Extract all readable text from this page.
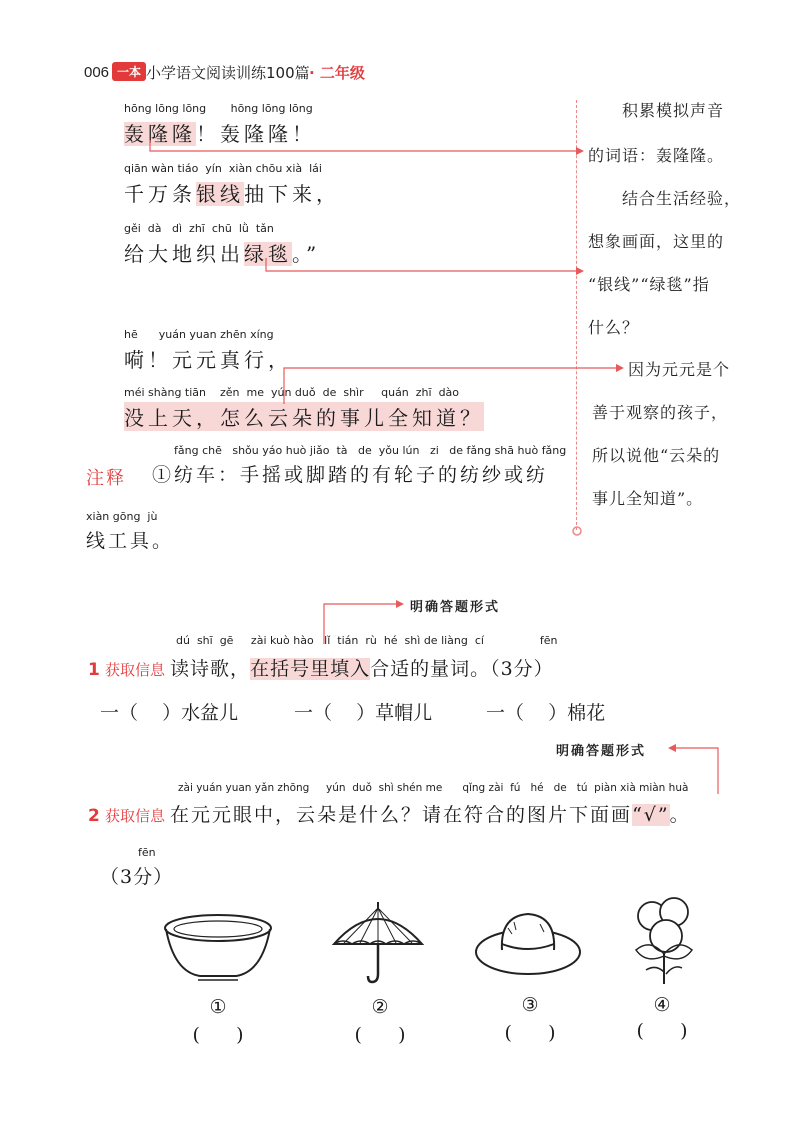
006 一本 小学语文阅读训练100篇 · 二年级
hōng lōng lōng       hōng lōng lōng
轰隆隆！轰隆隆！
qiān wàn tiáo  yín  xiàn chōu xià  lái
千万条银线抽下来，
gěi  dà   dì  zhī  chū  lǜ  tǎn
给大地织出绿毯。”
hē      yuán yuan zhēn xíng
嗬！元元真行，
méi shàng tiān    zěn  me  yún duǒ  de  shìr     quán  zhī  dào
没上天，怎么云朵的事儿全知道？
积累模拟声音
的词语：轰隆隆。
结合生活经验，
想象画面，这里的
“银线”“绿毯”指
什么？
因为元元是个
善于观察的孩子，
所以说他“云朵的
事儿全知道”。
注释
fǎng chē   shǒu yáo huò jiǎo  tà   de  yǒu lún   zi   de fǎng shā huò fǎng
①纺车：手摇或脚踏的有轮子的纺纱或纺
xiàn gōng  jù
线工具。
明确答题形式
dú  shī  gē     zài kuò hào   lǐ  tián  rù  hé  shì de liàng  cí                fēn
1 获取信息 读诗歌，在括号里填入合适的量词。（3分）
一（    ）水盆儿	一（    ）草帽儿	一（    ）棉花
明确答题形式
zài yuán yuan yǎn zhōng     yún  duǒ  shì shén me      qǐng zài  fú   hé   de   tú  piàn xià miàn huà
2 获取信息 在元元眼中，云朵是什么？请在符合的图片下面画“√”。
fēn
（3分）
①	②	③	④
(      )	(      )	(      )	(      )
